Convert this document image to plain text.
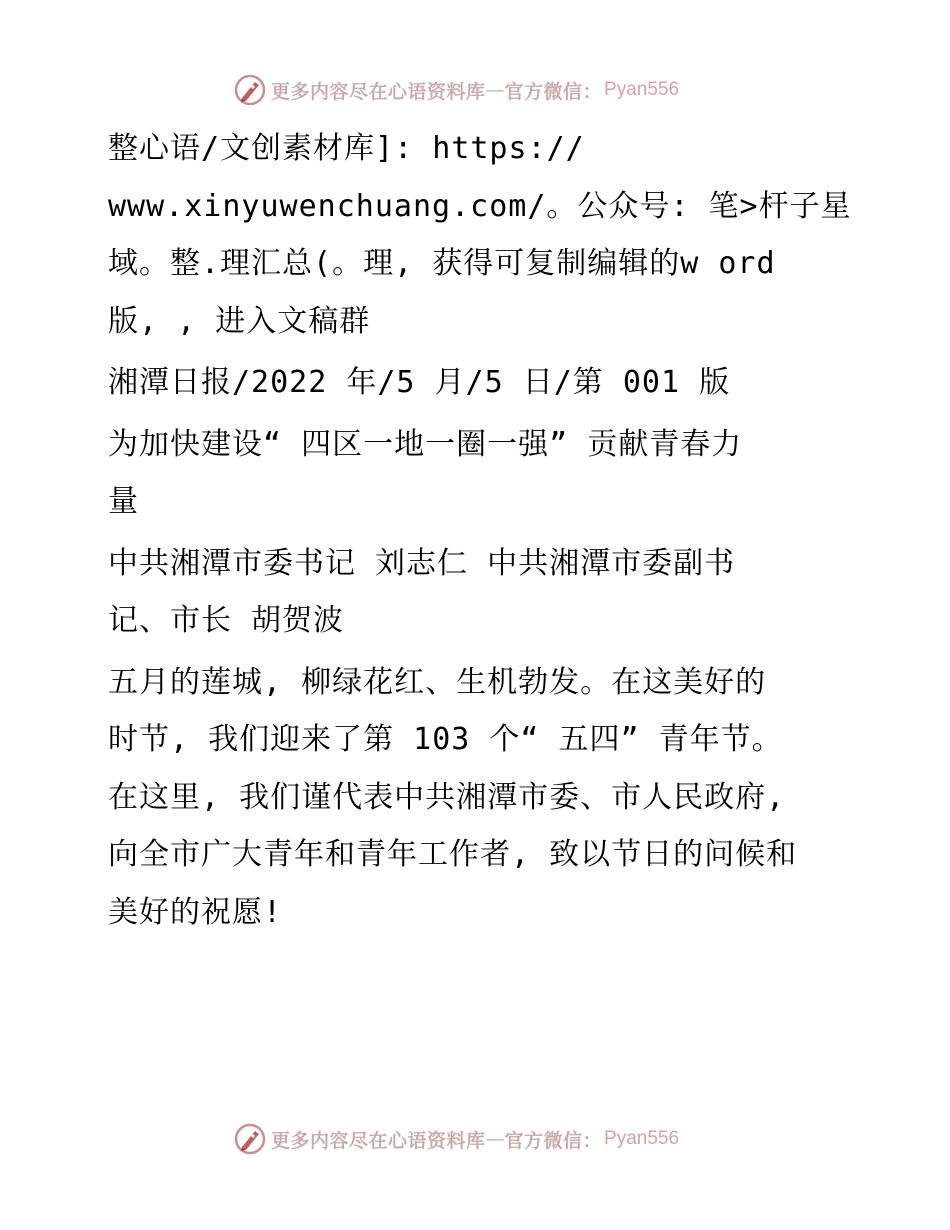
更多内容尽在心语资料库 — 官方微信： Pyan556
整心语/文创素材库]: https://
www.xinyuwenchuang.com/。公众号: 笔>杆子星
域。整.理汇总(。理, 获得可复制编辑的w ord
版, , 进入文稿群
湘潭日报/2022 年/5 月/5 日/第 001 版
为加快建设“ 四区一地一圈一强” 贡献青春力
量
中共湘潭市委书记 刘志仁 中共湘潭市委副书
记、市长 胡贺波
五月的莲城, 柳绿花红、生机勃发。在这美好的
时节, 我们迎来了第 103 个“ 五四” 青年节。
在这里, 我们谨代表中共湘潭市委、市人民政府,
向全市广大青年和青年工作者, 致以节日的问候和
美好的祝愿!
更多内容尽在心语资料库 — 官方微信： Pyan556
